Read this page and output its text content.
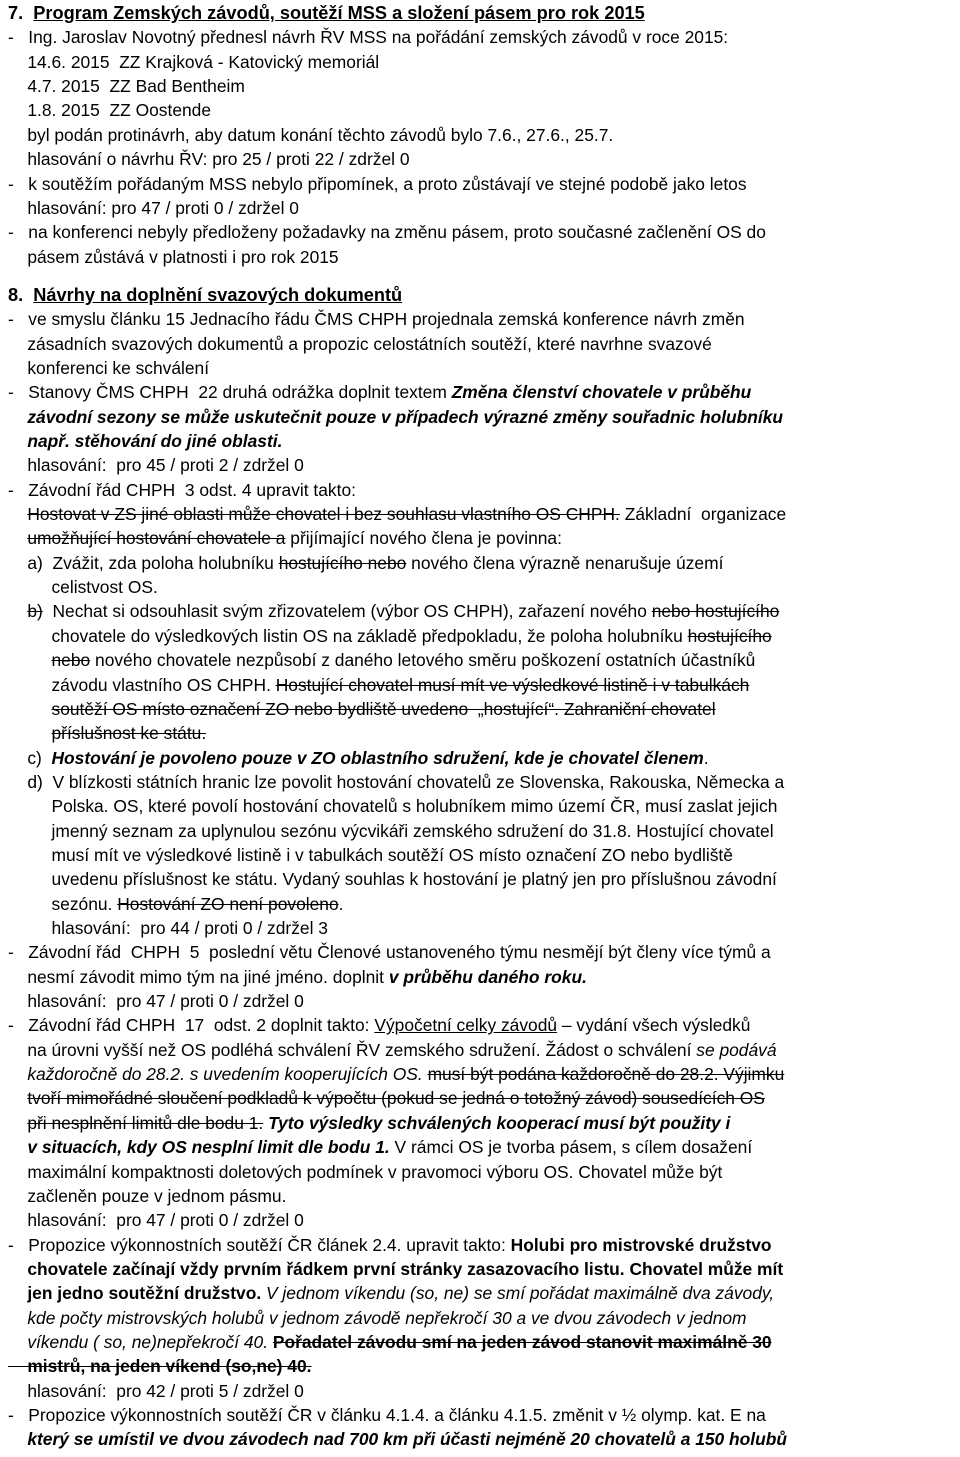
7.  Program Zemských závodů, soutěží MSS a složení pásem pro rok 2015
-   Ing. Jaroslav Novotný přednesl návrh ŘV MSS na pořádání zemských závodů v roce 2015:
14.6. 2015  ZZ Krajková - Katovický memoriál
4.7. 2015  ZZ Bad Bentheim
1.8. 2015  ZZ Oostende
byl podán protinávrh, aby datum konání těchto závodů bylo 7.6., 27.6., 25.7.
hlasování o návrhu ŘV: pro 25 / proti 22 / zdržel 0
-   k soutěžím pořádaným MSS nebylo připomínek, a proto zůstávají ve stejné podobě jako letos
hlasování: pro 47 / proti 0 / zdržel 0
-   na konferenci nebyly předloženy požadavky na změnu pásem, proto současné začlenění OS do
pásem zůstává v platnosti i pro rok 2015
8.  Návrhy na doplnění svazových dokumentů
-   ve smyslu článku 15 Jednacího řádu ČMS CHPH projednala zemská konference návrh změn
zásadních svazových dokumentů a propozic celostátních soutěží, které navrhne svazové
konferenci ke schválení
-   Stanovy ČMS CHPH  22 druhá odrážka doplnit textem Změna členství chovatele v průběhu
závodní sezony se může uskutečnit pouze v případech výrazné změny souřadnic holubníku
např. stěhování do jiné oblasti.
hlasování:  pro 45 / proti 2 / zdržel 0
-   Závodní řád CHPH  3 odst. 4 upravit takto:
Hostovat v ZS jiné oblasti může chovatel i bez souhlasu vlastního OS CHPH. Základní  organizace
umožňující hostování chovatele a přijímající nového člena je povinna:
a)  Zvážit, zda poloha holubníku hostujícího nebo nového člena výrazně nenarušuje území
celistvost OS.
b)  Nechat si odsouhlasit svým zřizovatelem (výbor OS CHPH), zařazení nového nebo hostujícího
chovatele do výsledkových listin OS na základě předpokladu, že poloha holubníku hostujícího
nebo nového chovatele nezpůsobí z daného letového směru poškození ostatních účastníků
závodu vlastního OS CHPH. Hostující chovatel musí mít ve výsledkové listině i v tabulkách
soutěží OS místo označení ZO nebo bydliště uvedeno  „hostující“. Zahraniční chovatel
příslušnost ke státu.
c)  Hostování je povoleno pouze v ZO oblastního sdružení, kde je chovatel členem.
d)  V blízkosti státních hranic lze povolit hostování chovatelů ze Slovenska, Rakouska, Německa a
Polska. OS, které povolí hostování chovatelů s holubníkem mimo území ČR, musí zaslat jejich
jmenný seznam za uplynulou sezónu výcvikáři zemského sdružení do 31.8. Hostující chovatel
musí mít ve výsledkové listině i v tabulkách soutěží OS místo označení ZO nebo bydliště
uvedenu příslušnost ke státu. Vydaný souhlas k hostování je platný jen pro příslušnou závodní
sezónu. Hostování ZO není povoleno.
hlasování:  pro 44 / proti 0 / zdržel 3
-   Závodní řád  CHPH  5  poslední větu Členové ustanoveného týmu nesmějí být členy více týmů a
nesmí závodit mimo tým na jiné jméno. doplnit v průběhu daného roku.
hlasování:  pro 47 / proti 0 / zdržel 0
-   Závodní řád CHPH  17  odst. 2 doplnit takto: Výpočetní celky závodů – vydání všech výsledků
na úrovni vyšší než OS podléhá schválení ŘV zemského sdružení. Žádost o schválení se podává
každoročně do 28.2. s uvedením kooperujících OS. musí být podána každoročně do 28.2. Výjimku
tvoří mimořádné sloučení podkladů k výpočtu (pokud se jedná o totožný závod) sousedících OS
při nesplnění limitů dle bodu 1. Tyto výsledky schválených kooperací musí být použity i
v situacích, kdy OS nesplní limit dle bodu 1. V rámci OS je tvorba pásem, s cílem dosažení
maximální kompaktnosti doletových podmínek v pravomoci výboru OS. Chovatel může být
začleněn pouze v jednom pásmu.
hlasování:  pro 47 / proti 0 / zdržel 0
-   Propozice výkonnostních soutěží ČR článek 2.4. upravit takto: Holubi pro mistrovské družstvo
chovatele začínají vždy prvním řádkem první stránky zasazovacího listu. Chovatel může mít
jen jedno soutěžní družstvo. V jednom víkendu (so, ne) se smí pořádat maximálně dva závody,
kde počty mistrovských holubů v jednom závodě nepřekročí 30 a ve dvou závodech v jednom
víkendu ( so, ne)nepřekročí 40. Pořadatel závodu smí na jeden závod stanovit maximálně 30
mistrů, na jeden víkend (so,ne) 40.
hlasování:  pro 42 / proti 5 / zdržel 0
-   Propozice výkonnostních soutěží ČR v článku 4.1.4. a článku 4.1.5. změnit v ½ olymp. kat. E na
který se umístil ve dvou závodech nad 700 km při účasti nejméně 20 chovatelů a 150 holubů
